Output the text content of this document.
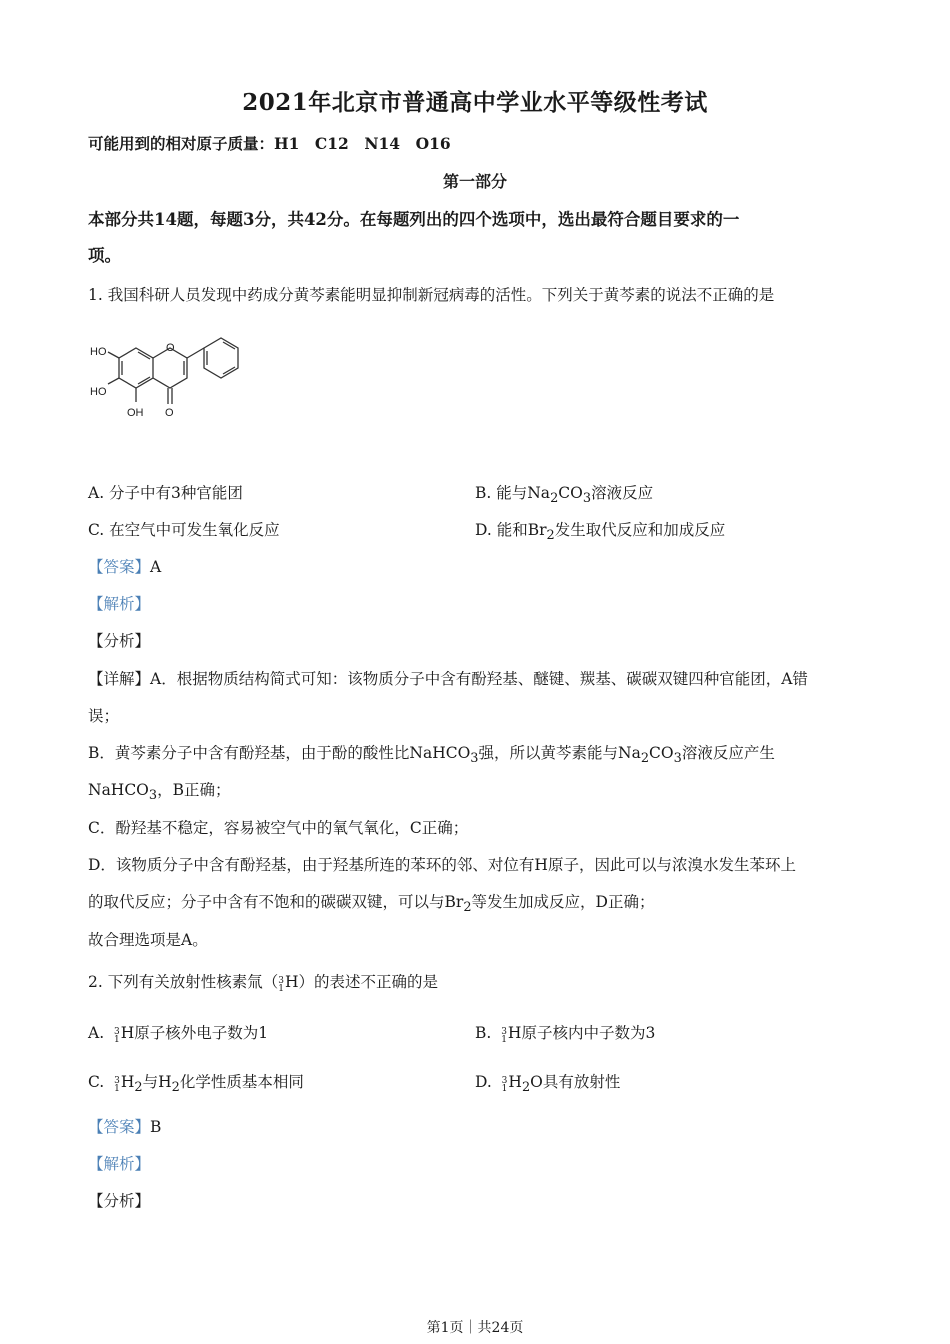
2021年北京市普通高中学业水平等级性考试
可能用到的相对原子质量：H1　C12　N14　O16
第一部分
本部分共14题，每题3分，共42分。在每题列出的四个选项中，选出最符合题目要求的一
项。
1. 我国科研人员发现中药成分黄芩素能明显抑制新冠病毒的活性。下列关于黄芩素的说法不正确的是
HO
HO
OH
O
O
A. 分子中有3种官能团	B. 能与$Na_2CO_3$溶液反应
C. 在空气中可发生氧化反应	D. 能和$Br_2$发生取代反应和加成反应
【答案】A
【解析】
【分析】
【详解】A．根据物质结构简式可知：该物质分子中含有酚羟基、醚键、羰基、碳碳双键四种官能团，A错
误；
B．黄芩素分子中含有酚羟基，由于酚的酸性比NaHCO$_3$强，所以黄芩素能与$Na_2CO_3$溶液反应产生
NaHCO$_3$，B正确；
C．酚羟基不稳定，容易被空气中的氧气氧化，C正确；
D．该物质分子中含有酚羟基，由于羟基所连的苯环的邻、对位有H原子，因此可以与浓溴水发生苯环上
的取代反应；分子中含有不饱和的碳碳双键，可以与$Br_2$等发生加成反应，D正确；
故合理选项是A。
2. 下列有关放射性核素氚（ 3
1 H）的表述不正确的是
A. 3
1 H原子核外电子数为1	B. 3
1 H原子核内中子数为3
C. 3
1 $H_2$与$H_2$化学性质基本相同	D. 3
1 $H_2O$具有放射性
【答案】B
【解析】
【分析】
第1页｜共24页
